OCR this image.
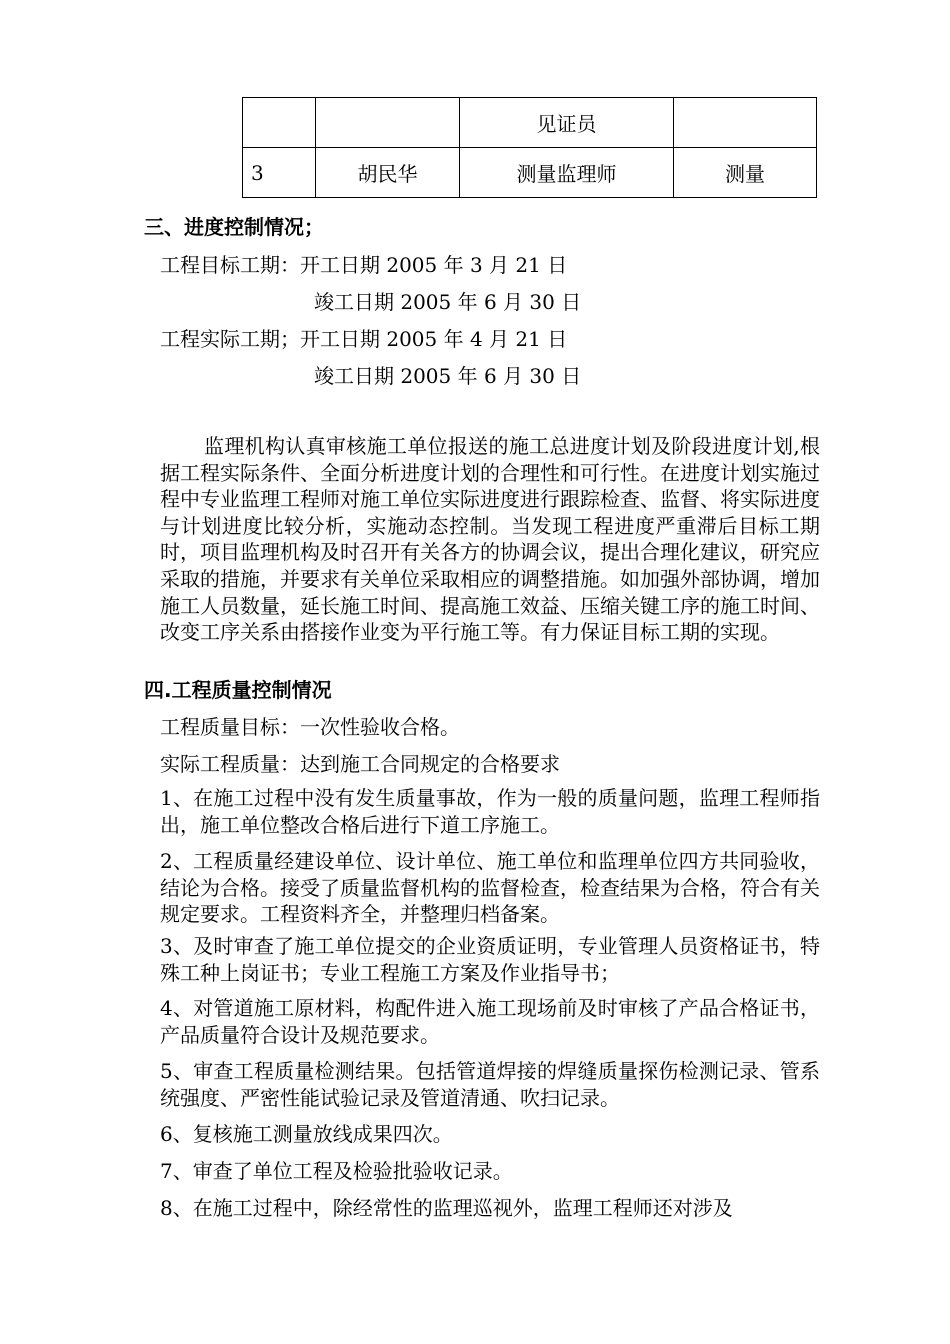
		见证员	
3	胡民华	测量监理师	测量
三、进度控制情况；
工程目标工期：开工日期 2005 年 3 月 21 日
竣工日期 2005 年 6 月 30 日
工程实际工期；开工日期 2005 年 4 月 21 日
竣工日期 2005 年 6 月 30 日
监理机构认真审核施工单位报送的施工总进度计划及阶段进度计划,根据工程实际条件、全面分析进度计划的合理性和可行性。在进度计划实施过程中专业监理工程师对施工单位实际进度进行跟踪检查、监督、将实际进度与计划进度比较分析，实施动态控制。当发现工程进度严重滞后目标工期时，项目监理机构及时召开有关各方的协调会议，提出合理化建议，研究应采取的措施，并要求有关单位采取相应的调整措施。如加强外部协调，增加施工人员数量，延长施工时间、提高施工效益、压缩关键工序的施工时间、改变工序关系由搭接作业变为平行施工等。有力保证目标工期的实现。
四.工程质量控制情况
工程质量目标：一次性验收合格。
实际工程质量：达到施工合同规定的合格要求
1、在施工过程中没有发生质量事故，作为一般的质量问题，监理工程师指出，施工单位整改合格后进行下道工序施工。
2、工程质量经建设单位、设计单位、施工单位和监理单位四方共同验收，结论为合格。接受了质量监督机构的监督检查，检查结果为合格，符合有关规定要求。工程资料齐全，并整理归档备案。
3、及时审查了施工单位提交的企业资质证明，专业管理人员资格证书，特殊工种上岗证书；专业工程施工方案及作业指导书；
4、对管道施工原材料，构配件进入施工现场前及时审核了产品合格证书，产品质量符合设计及规范要求。
5、审查工程质量检测结果。包括管道焊接的焊缝质量探伤检测记录、管系统强度、严密性能试验记录及管道清通、吹扫记录。
6、复核施工测量放线成果四次。
7、审查了单位工程及检验批验收记录。
8、在施工过程中，除经常性的监理巡视外，监理工程师还对涉及
